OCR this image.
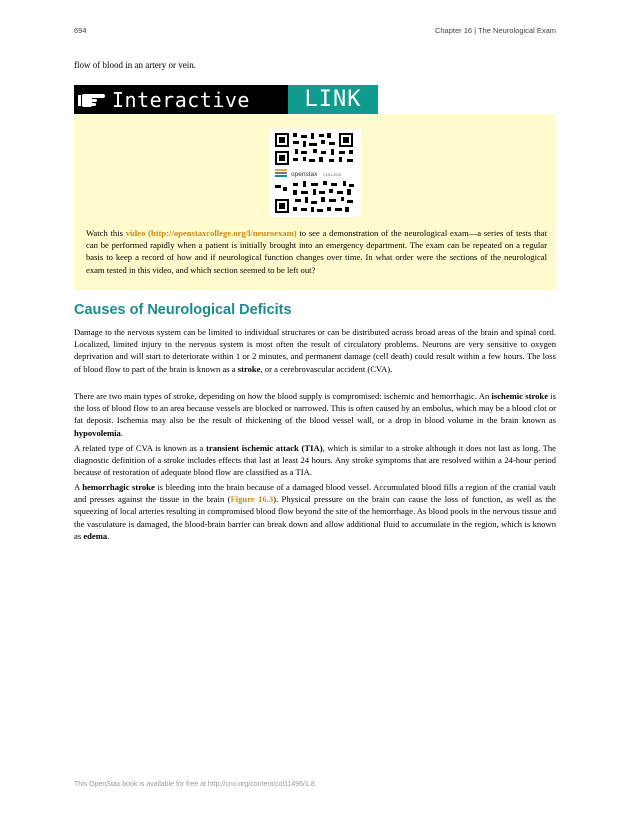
694	Chapter 16 | The Neurological Exam
flow of blood in an artery or vein.
Interactive	LINK
openstax COLLEGE
Watch this video (http://openstaxcollege.org/l/neuroexam) to see a demonstration of the neurological exam—a series of tests that can be performed rapidly when a patient is initially brought into an emergency department. The exam can be repeated on a regular basis to keep a record of how and if neurological function changes over time. In what order were the sections of the neurological exam tested in this video, and which section seemed to be left out?
Causes of Neurological Deficits
Damage to the nervous system can be limited to individual structures or can be distributed across broad areas of the brain and spinal cord. Localized, limited injury to the nervous system is most often the result of circulatory problems. Neurons are very sensitive to oxygen deprivation and will start to deteriorate within 1 or 2 minutes, and permanent damage (cell death) could result within a few hours. The loss of blood flow to part of the brain is known as a stroke, or a cerebrovascular accident (CVA).
There are two main types of stroke, depending on how the blood supply is compromised: ischemic and hemorrhagic. An ischemic stroke is the loss of blood flow to an area because vessels are blocked or narrowed. This is often caused by an embolus, which may be a blood clot or fat deposit. Ischemia may also be the result of thickening of the blood vessel wall, or a drop in blood volume in the brain known as hypovolemia.
A related type of CVA is known as a transient ischemic attack (TIA), which is similar to a stroke although it does not last as long. The diagnostic definition of a stroke includes effects that last at least 24 hours. Any stroke symptoms that are resolved within a 24-hour period because of restoration of adequate blood flow are classified as a TIA.
A hemorrhagic stroke is bleeding into the brain because of a damaged blood vessel. Accumulated blood fills a region of the cranial vault and presses against the tissue in the brain (Figure 16.3). Physical pressure on the brain can cause the loss of function, as well as the squeezing of local arteries resulting in compromised blood flow beyond the site of the hemorrhage. As blood pools in the nervous tissue and the vasculature is damaged, the blood-brain barrier can break down and allow additional fluid to accumulate in the region, which is known as edema.
This OpenStax book is available for free at http://cnx.org/content/col11496/1.8
